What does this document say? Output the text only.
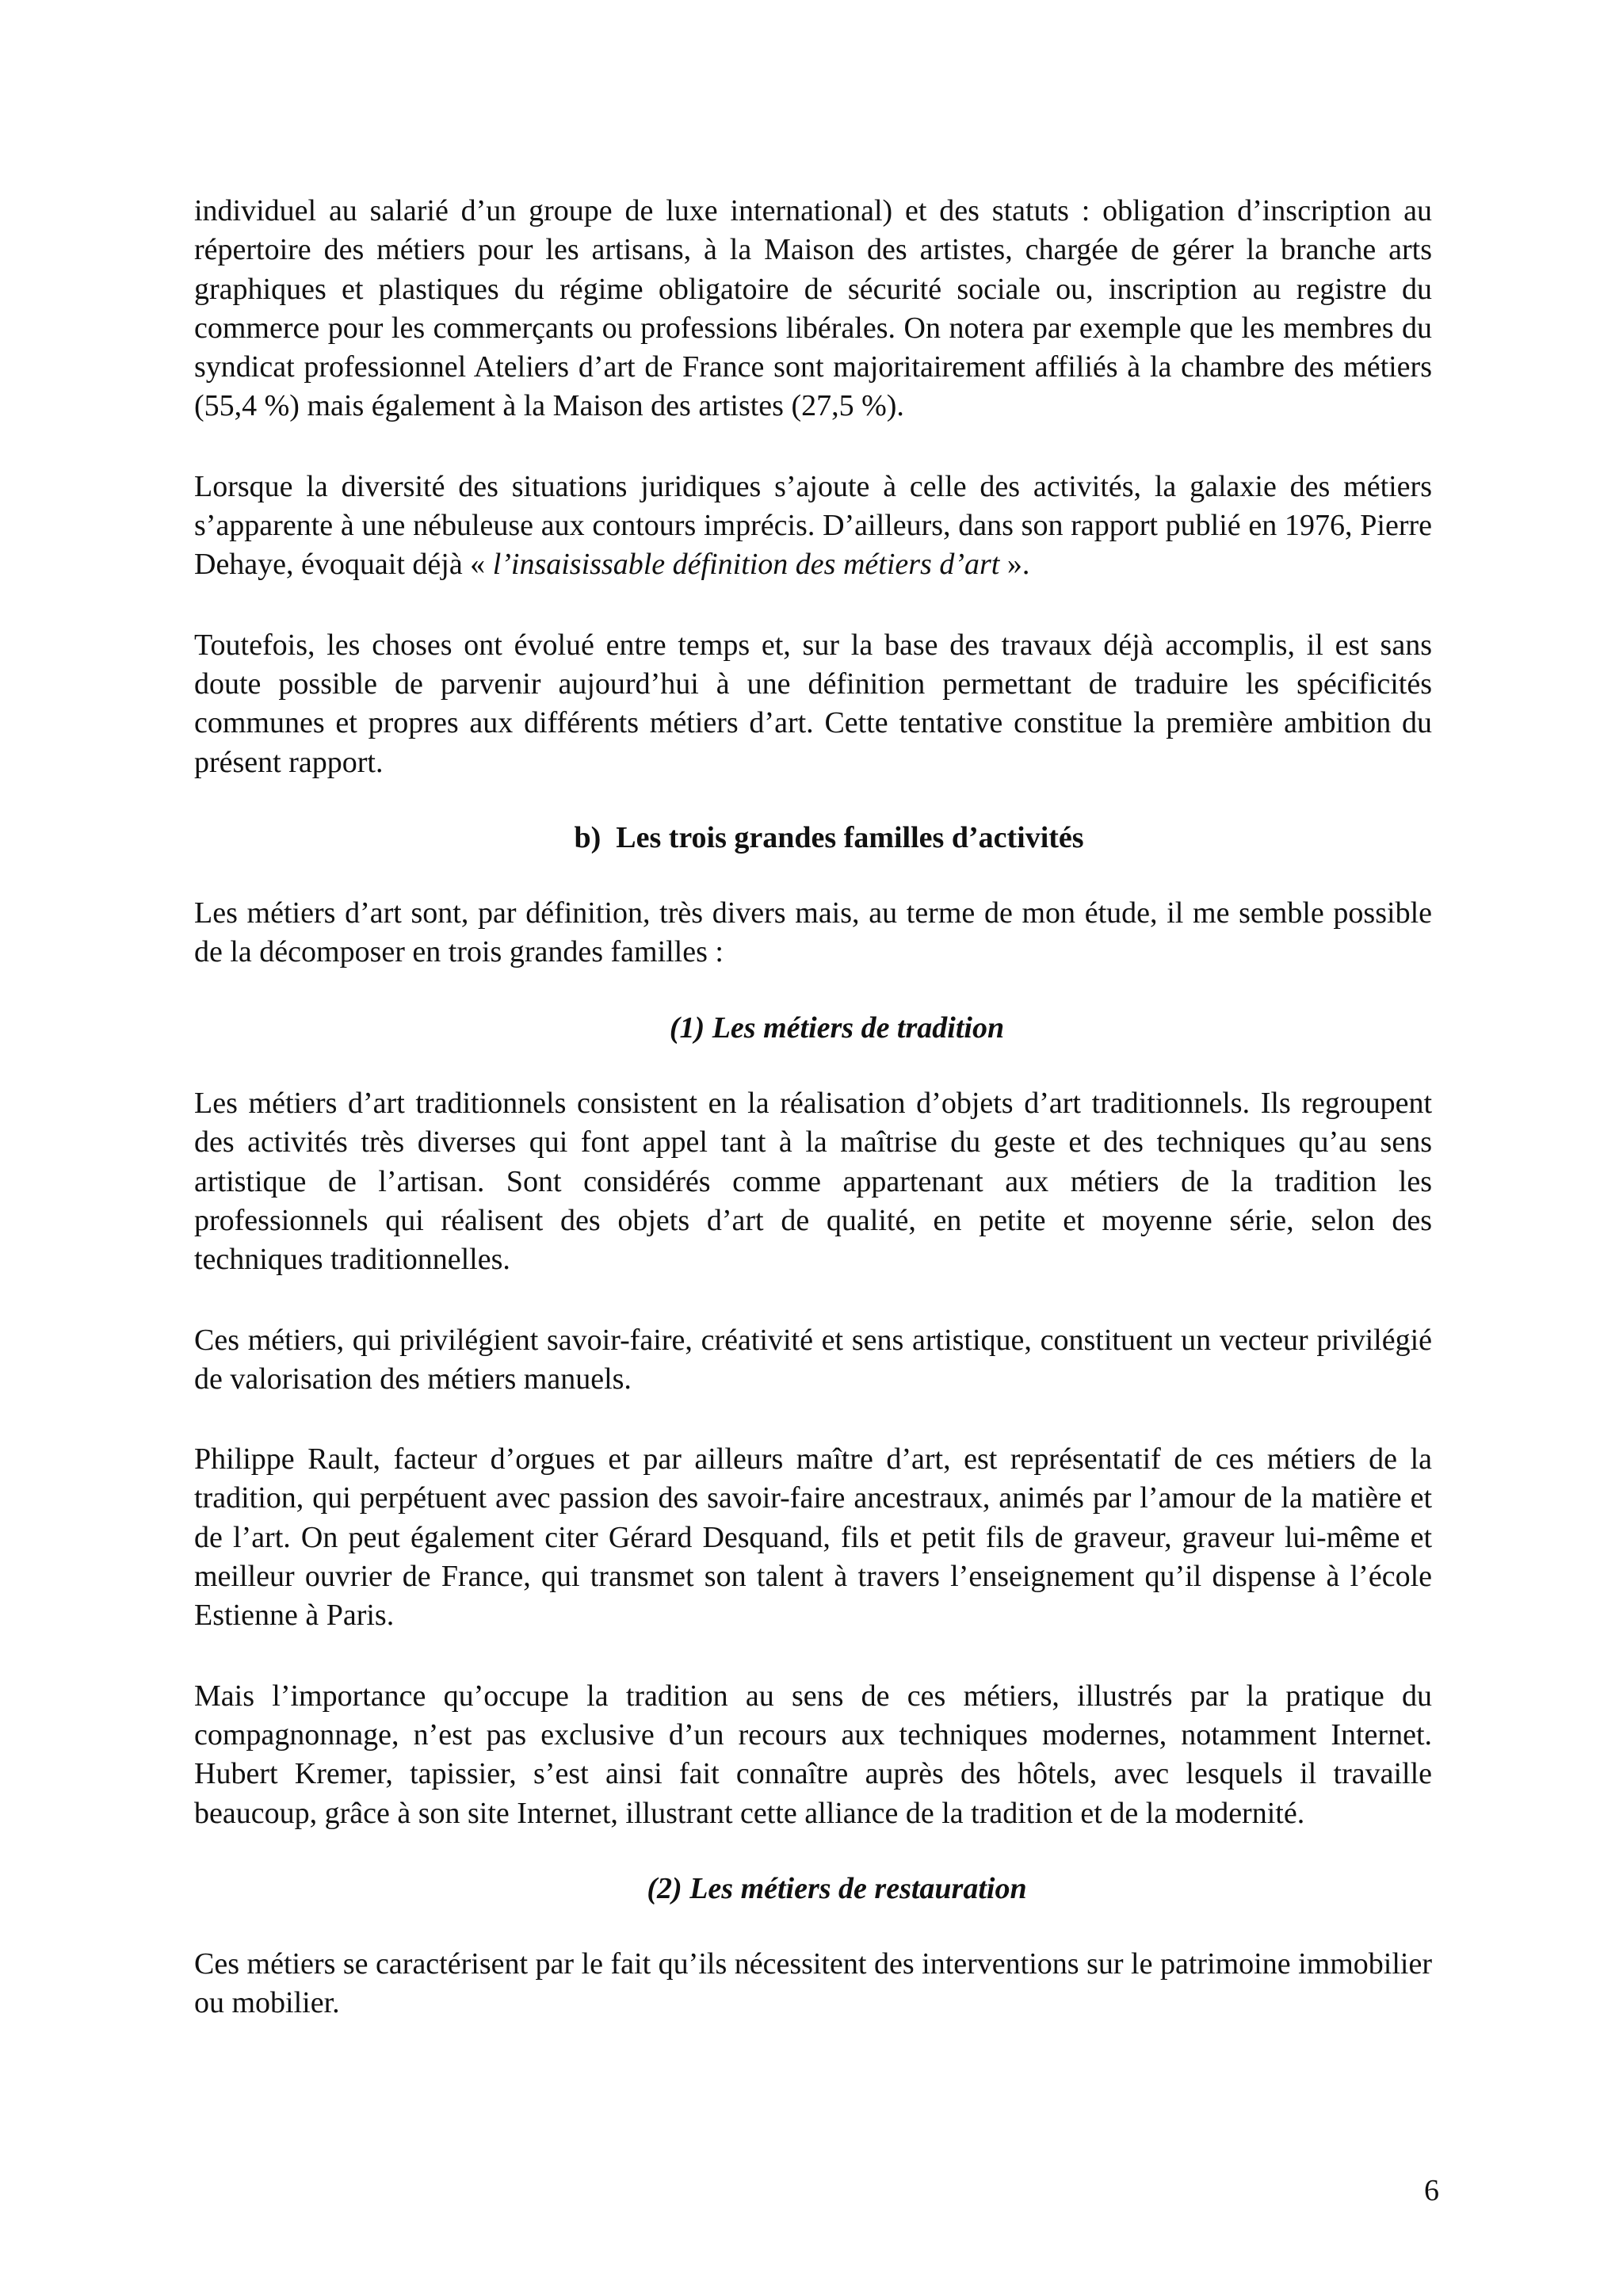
individuel au salarié d’un groupe de luxe international) et des statuts : obligation d’inscription au répertoire des métiers pour les artisans, à la Maison des artistes, chargée de gérer la branche arts graphiques et plastiques du régime obligatoire de sécurité sociale ou, inscription au registre du commerce pour les commerçants ou professions libérales. On notera par exemple que les membres du syndicat professionnel Ateliers d’art de France sont majoritairement affiliés à la chambre des métiers (55,4 %) mais également à la Maison des artistes (27,5 %).

Lorsque la diversité des situations juridiques s’ajoute à celle des activités, la galaxie des métiers s’apparente à une nébuleuse aux contours imprécis. D’ailleurs, dans son rapport publié en 1976, Pierre Dehaye, évoquait déjà « l’insaisissable définition des métiers d’art ».

Toutefois, les choses ont évolué entre temps et, sur la base des travaux déjà accomplis, il est sans doute possible de parvenir aujourd’hui à une définition permettant de traduire les spécificités communes et propres aux différents métiers d’art. Cette tentative constitue la première ambition du présent rapport.

b)  Les trois grandes familles d’activités

Les métiers d’art sont, par définition, très divers mais, au terme de mon étude, il me semble possible de la décomposer en trois grandes familles :

(1) Les métiers de tradition

Les métiers d’art traditionnels consistent en la réalisation d’objets d’art traditionnels. Ils regroupent des activités très diverses qui font appel tant à la maîtrise du geste et des techniques qu’au sens artistique de l’artisan. Sont considérés comme appartenant aux métiers de la tradition les professionnels qui réalisent des objets d’art de qualité, en petite et moyenne série, selon des techniques traditionnelles.

Ces métiers, qui privilégient savoir-faire, créativité et sens artistique, constituent un vecteur privilégié de valorisation des métiers manuels.

Philippe Rault, facteur d’orgues et par ailleurs maître d’art, est représentatif de ces métiers de la tradition, qui perpétuent avec passion des savoir-faire ancestraux, animés par l’amour de la matière et de l’art. On peut également citer Gérard Desquand, fils et petit fils de graveur, graveur lui-même et meilleur ouvrier de France, qui transmet son talent à travers l’enseignement qu’il dispense à l’école Estienne à Paris.

Mais l’importance qu’occupe la tradition au sens de ces métiers, illustrés par la pratique du compagnonnage, n’est pas exclusive d’un recours aux techniques modernes, notamment Internet. Hubert Kremer, tapissier, s’est ainsi fait connaître auprès des hôtels, avec lesquels il travaille beaucoup, grâce à son site Internet, illustrant cette alliance de la tradition et de la modernité.

(2) Les métiers de restauration

Ces métiers se caractérisent par le fait qu’ils nécessitent des interventions sur le patrimoine immobilier ou mobilier.

6
